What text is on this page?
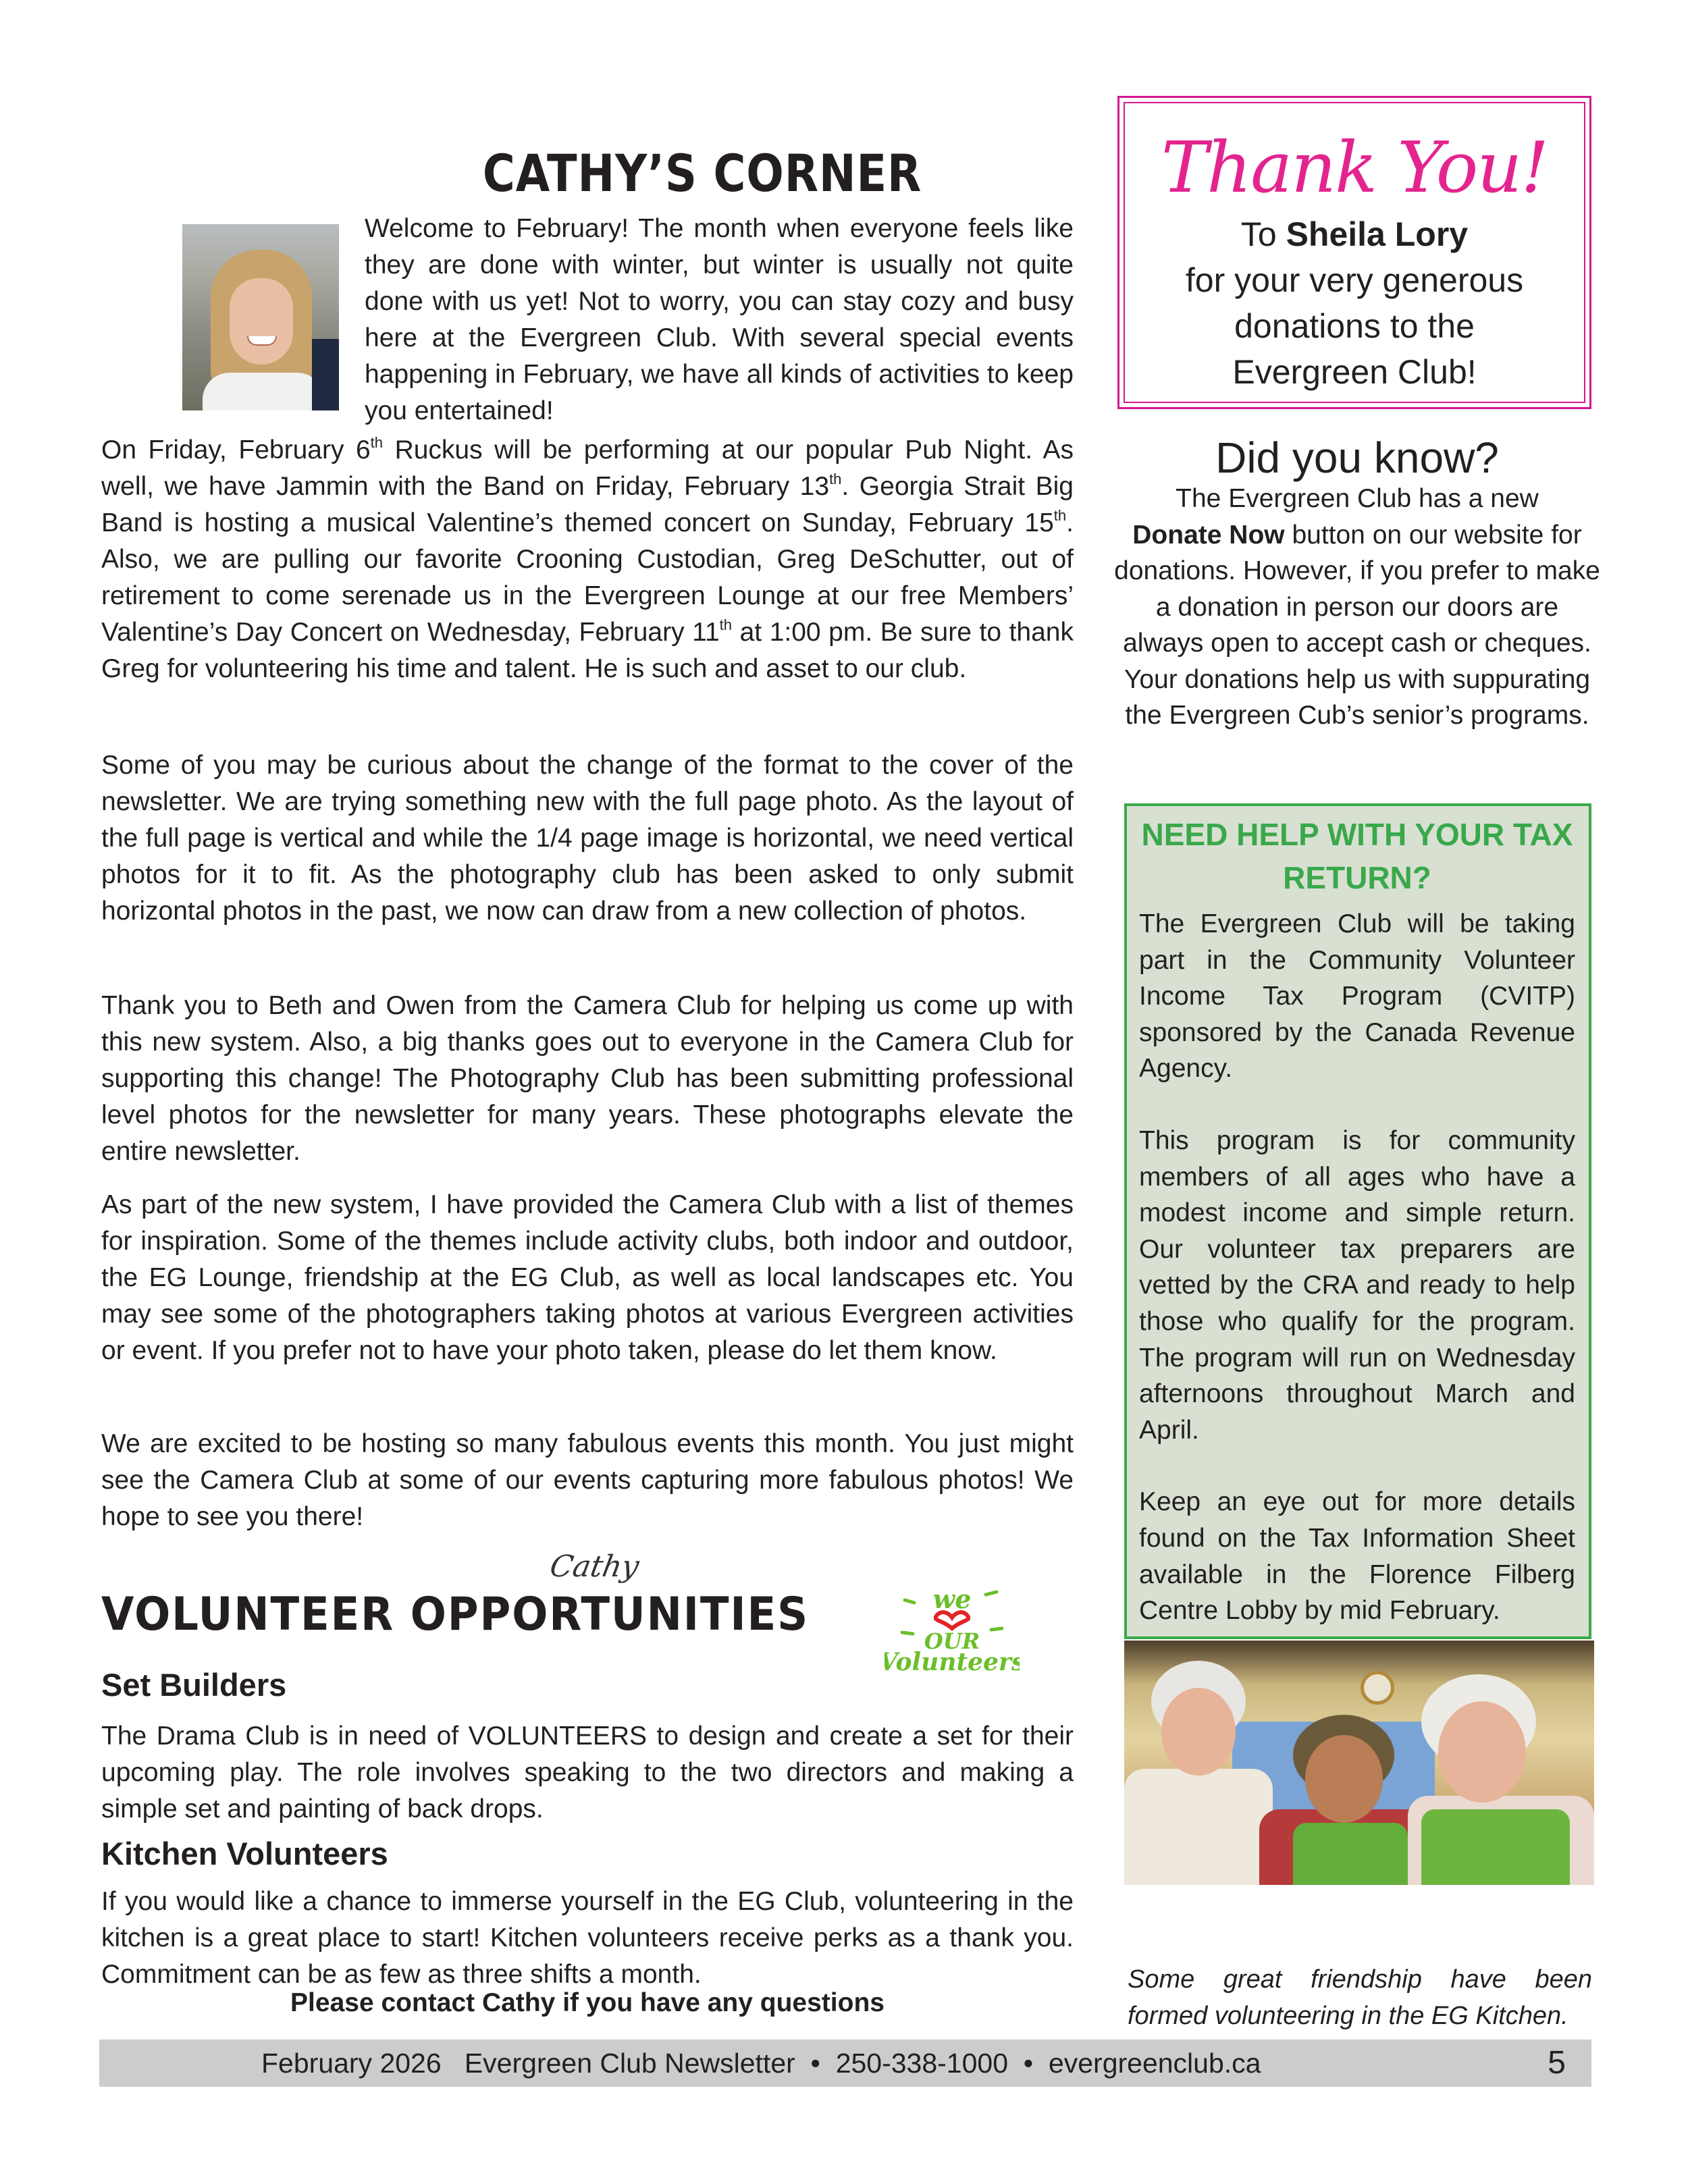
CATHY’S CORNER

Welcome to February! The month when everyone feels like they are done with winter, but winter is usually not quite done with us yet! Not to worry, you can stay cozy and busy here at the Evergreen Club. With several special events happening in February, we have all kinds of activities to keep you entertained!

On Friday, February 6th Ruckus will be performing at our popular Pub Night. As well, we have Jammin with the Band on Friday, February 13th. Georgia Strait Big Band is hosting a musical Valentine’s themed concert on Sunday, February 15th. Also, we are pulling our favorite Crooning Custodian, Greg DeSchutter, out of retirement to come serenade us in the Evergreen Lounge at our free Members’ Valentine’s Day Concert on Wednesday, February 11th at 1:00 pm. Be sure to thank Greg for volunteering his time and talent. He is such and asset to our club.

Some of you may be curious about the change of the format to the cover of the newsletter. We are trying something new with the full page photo. As the layout of the full page is vertical and while the 1/4 page image is horizontal, we need vertical photos for it to fit. As the photography club has been asked to only submit horizontal photos in the past, we now can draw from a new collection of photos.

Thank you to Beth and Owen from the Camera Club for helping us come up with this new system. Also, a big thanks goes out to everyone in the Camera Club for supporting this change! The Photography Club has been submitting professional level photos for the newsletter for many years. These photographs elevate the entire newsletter.

As part of the new system, I have provided the Camera Club with a list of themes for inspiration. Some of the themes include activity clubs, both indoor and outdoor, the EG Lounge, friendship at the EG Club, as well as local landscapes etc. You may see some of the photographers taking photos at various Evergreen activities or event. If you prefer not to have your photo taken, please do let them know.

We are excited to be hosting so many fabulous events this month. You just might see the Camera Club at some of our events capturing more fabulous photos! We hope to see you there!

Cathy
VOLUNTEER OPPORTUNITIES	we
OUR
Volunteers
Set Builders

The Drama Club is in need of VOLUNTEERS to design and create a set for their upcoming play. The role involves speaking to the two directors and making a simple set and painting of back drops.

Kitchen Volunteers

If you would like a chance to immerse yourself in the EG Club, volunteering in the kitchen is a great place to start! Kitchen volunteers receive perks as a thank you. Commitment can be as few as three shifts a month.

Please contact Cathy if you have any questions

Thank You!
To Sheila Lory
for your very generous
donations to the
Evergreen Club!
Did you know?

The Evergreen Club has a new
Donate Now button on our website for donations. However, if you prefer to make a donation in person our doors are always open to accept cash or cheques. Your donations help us with suppurating the Evergreen Cub’s senior’s programs.

NEED HELP WITH YOUR TAX RETURN?

The Evergreen Club will be taking part in the Community Volunteer Income Tax Program (CVITP) sponsored by the Canada Revenue Agency.

This program is for community members of all ages who have a modest income and simple return. Our volunteer tax preparers are vetted by the CRA and ready to help those who qualify for the program. The program will run on Wednesday afternoons throughout March and April.

Keep an eye out for more details found on the Tax Information Sheet available in the Florence Filberg Centre Lobby by mid February.

Some great friendship have been
formed volunteering in the EG Kitchen.
February 2026   Evergreen Club Newsletter  •  250-338-1000  •  evergreenclub.ca	5
